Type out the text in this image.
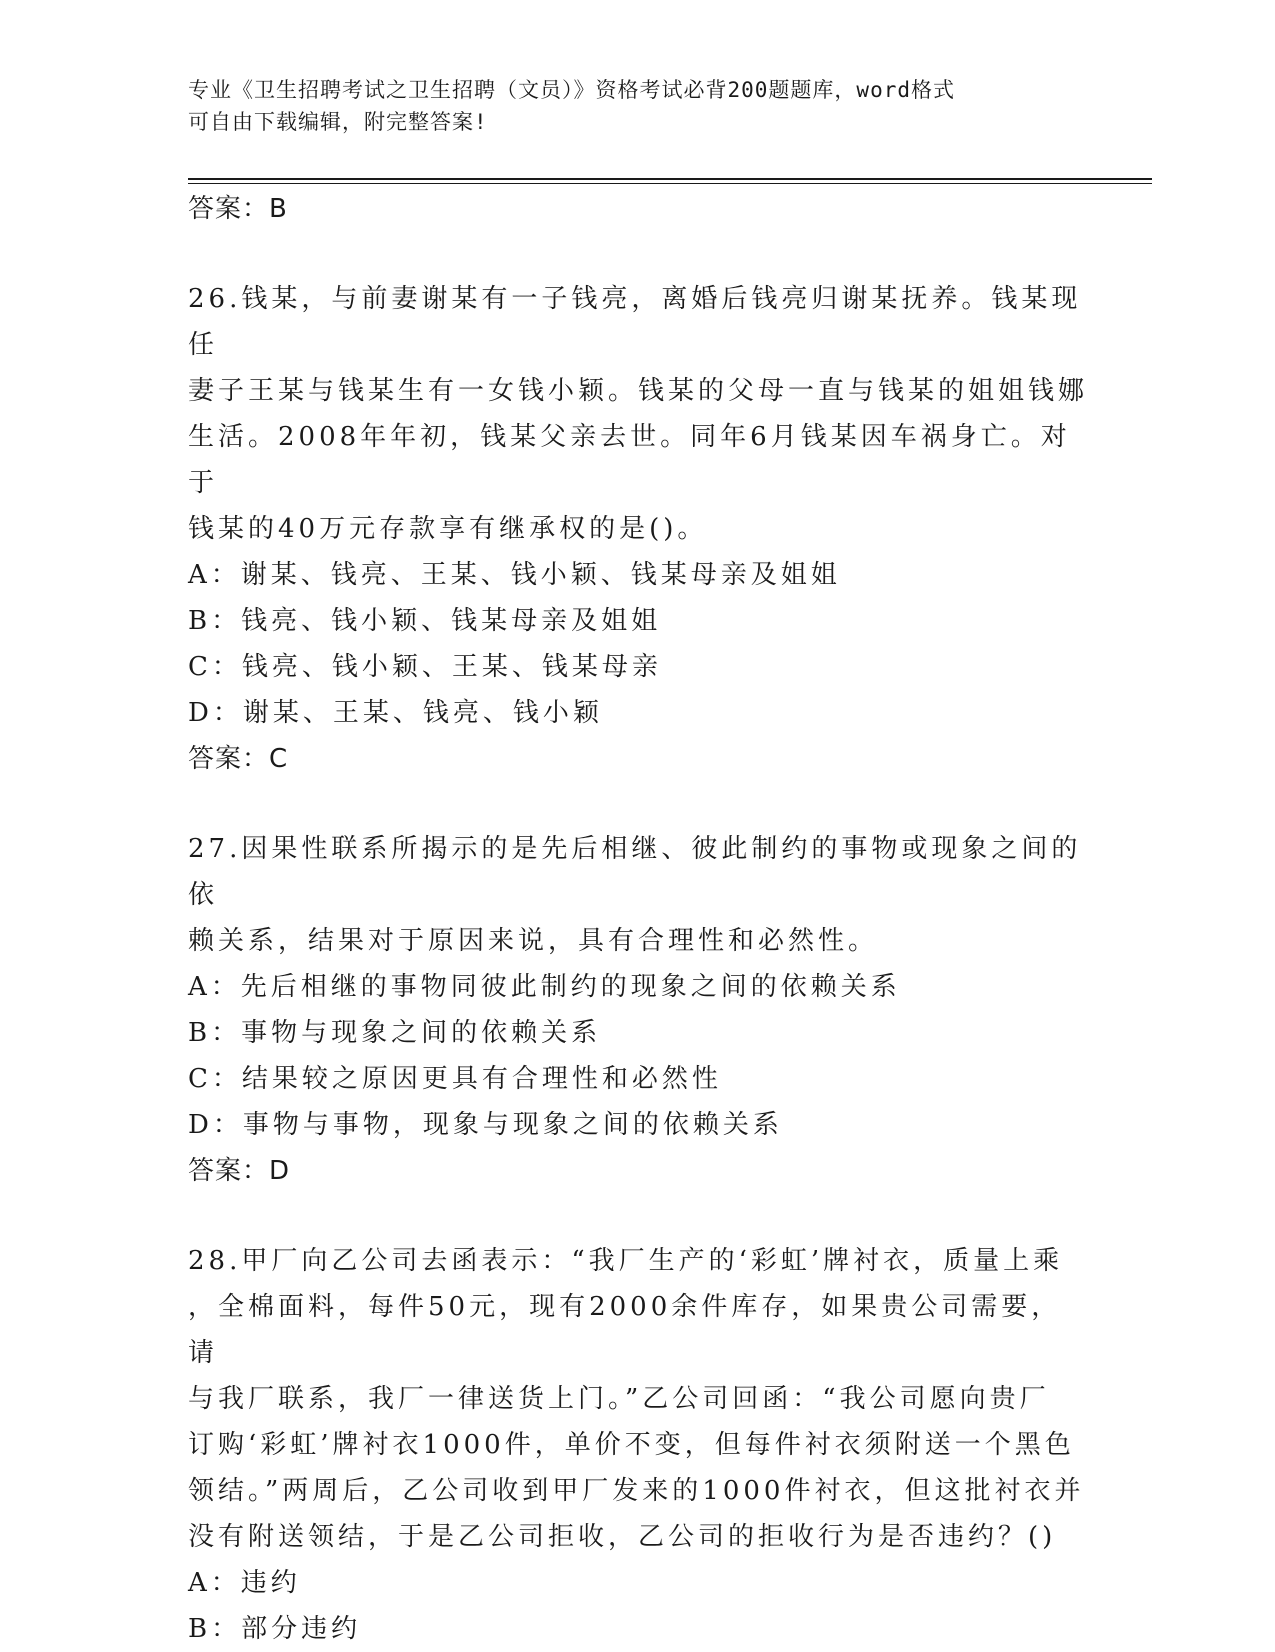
专业《卫生招聘考试之卫生招聘（文员）》资格考试必背200题题库，word格式
可自由下载编辑，附完整答案!
答案：B
26.钱某，与前妻谢某有一子钱亮，离婚后钱亮归谢某抚养。钱某现任
妻子王某与钱某生有一女钱小颖。钱某的父母一直与钱某的姐姐钱娜
生活。2008年年初，钱某父亲去世。同年6月钱某因车祸身亡。对于
钱某的40万元存款享有继承权的是()。
A：谢某、钱亮、王某、钱小颖、钱某母亲及姐姐
B：钱亮、钱小颖、钱某母亲及姐姐
C：钱亮、钱小颖、王某、钱某母亲
D：谢某、王某、钱亮、钱小颖
答案：C
27.因果性联系所揭示的是先后相继、彼此制约的事物或现象之间的依
赖关系，结果对于原因来说，具有合理性和必然性。
A：先后相继的事物同彼此制约的现象之间的依赖关系
B：事物与现象之间的依赖关系
C：结果较之原因更具有合理性和必然性
D：事物与事物，现象与现象之间的依赖关系
答案：D
28.甲厂向乙公司去函表示：“我厂生产的‘彩虹’牌衬衣，质量上乘
，全棉面料，每件50元，现有2000余件库存，如果贵公司需要，请
与我厂联系，我厂一律送货上门。”乙公司回函：“我公司愿向贵厂
订购‘彩虹’牌衬衣1000件，单价不变，但每件衬衣须附送一个黑色
领结。”两周后，乙公司收到甲厂发来的1000件衬衣，但这批衬衣并
没有附送领结，于是乙公司拒收，乙公司的拒收行为是否违约？()
A：违约
B：部分违约
